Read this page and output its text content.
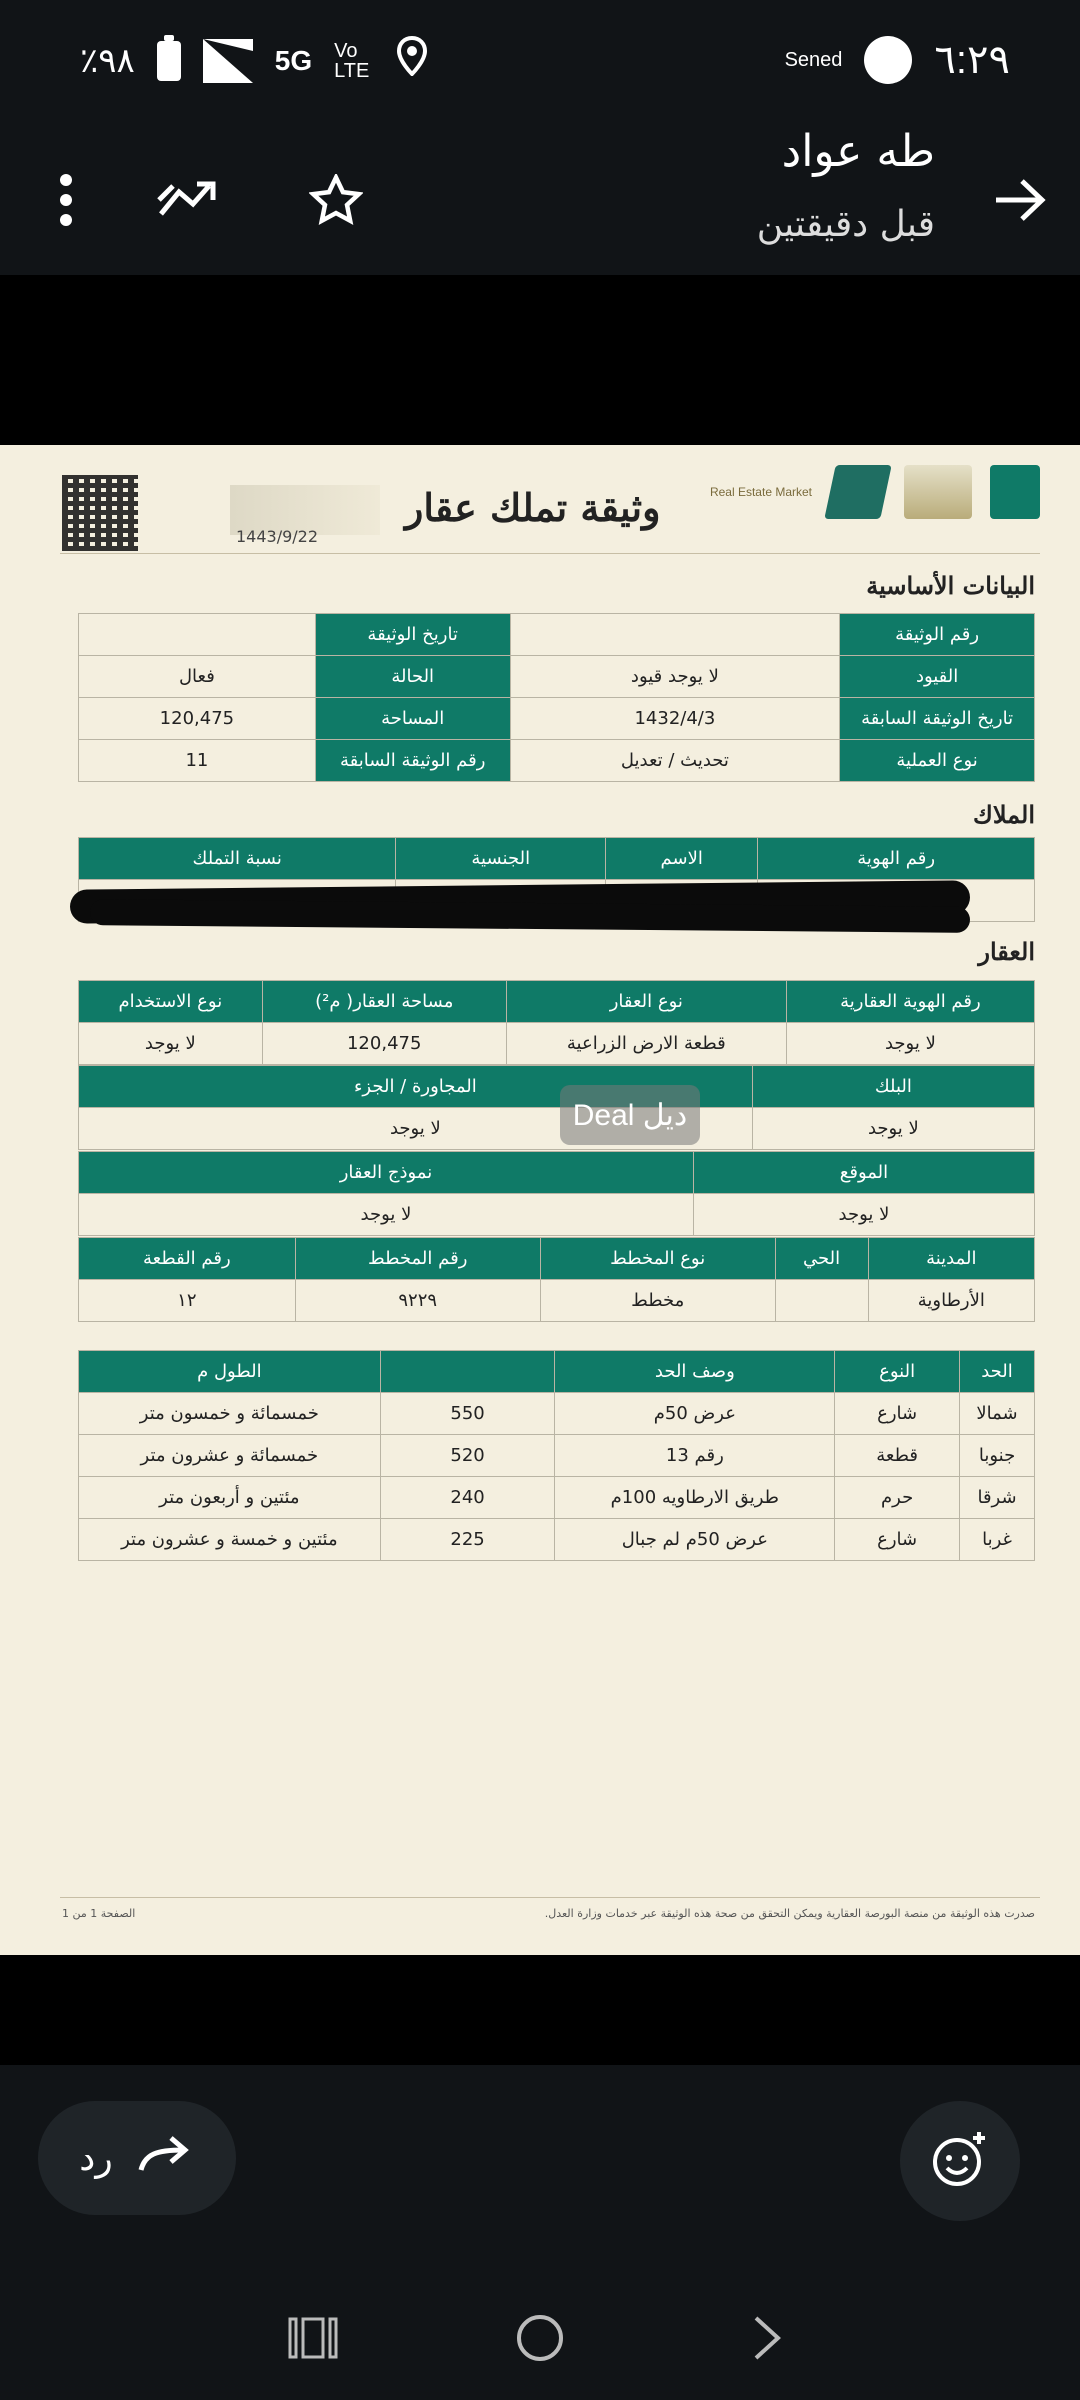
٪٩٨	5G Vo LTE	Sened ٦:٢٩
طه عواد
قبل دقيقتين
1443/9/22
وثيقة تملك عقار	Real Estate Market
البيانات الأساسية
رقم الوثيقة		تاريخ الوثيقة	
القيود	لا يوجد قيود	الحالة	فعال
تاريخ الوثيقة السابقة	1432/4/3	المساحة	120,475
نوع العملية	تحديث / تعديل	رقم الوثيقة السابقة	11
الملاك
رقم الهوية	الاسم	الجنسية	نسبة التملك

العقار
رقم الهوية العقارية	نوع العقار	مساحة العقار( م²)	نوع الاستخدام
لا يوجد	قطعة الارض الزراعية	120,475	لا يوجد
البلك	المجاورة / الجزء
لا يوجد	لا يوجد
الموقع	نموذج العقار
لا يوجد	لا يوجد
المدينة	الحي	نوع المخطط	رقم المخطط	رقم القطعة
الأرطاوية		مخطط	٩٢٢٩	١٢
الحد	النوع	وصف الحد		الطول م
شمالا	شارع	عرض 50م	550	خمسمائة و خمسون متر
جنوبا	قطعة	رقم 13	520	خمسمائة و عشرون متر
شرقا	حرم	طريق الارطاويه 100م	240	مئتين و أربعون متر
غربا	شارع	عرض 50م لم جبال	225	مئتين و خمسة و عشرون متر
صدرت هذه الوثيقة من منصة البورصة العقارية ويمكن التحقق من صحة هذه الوثيقة عبر خدمات وزارة العدل.
الصفحة 1 من 1
Deal ديل
رد
